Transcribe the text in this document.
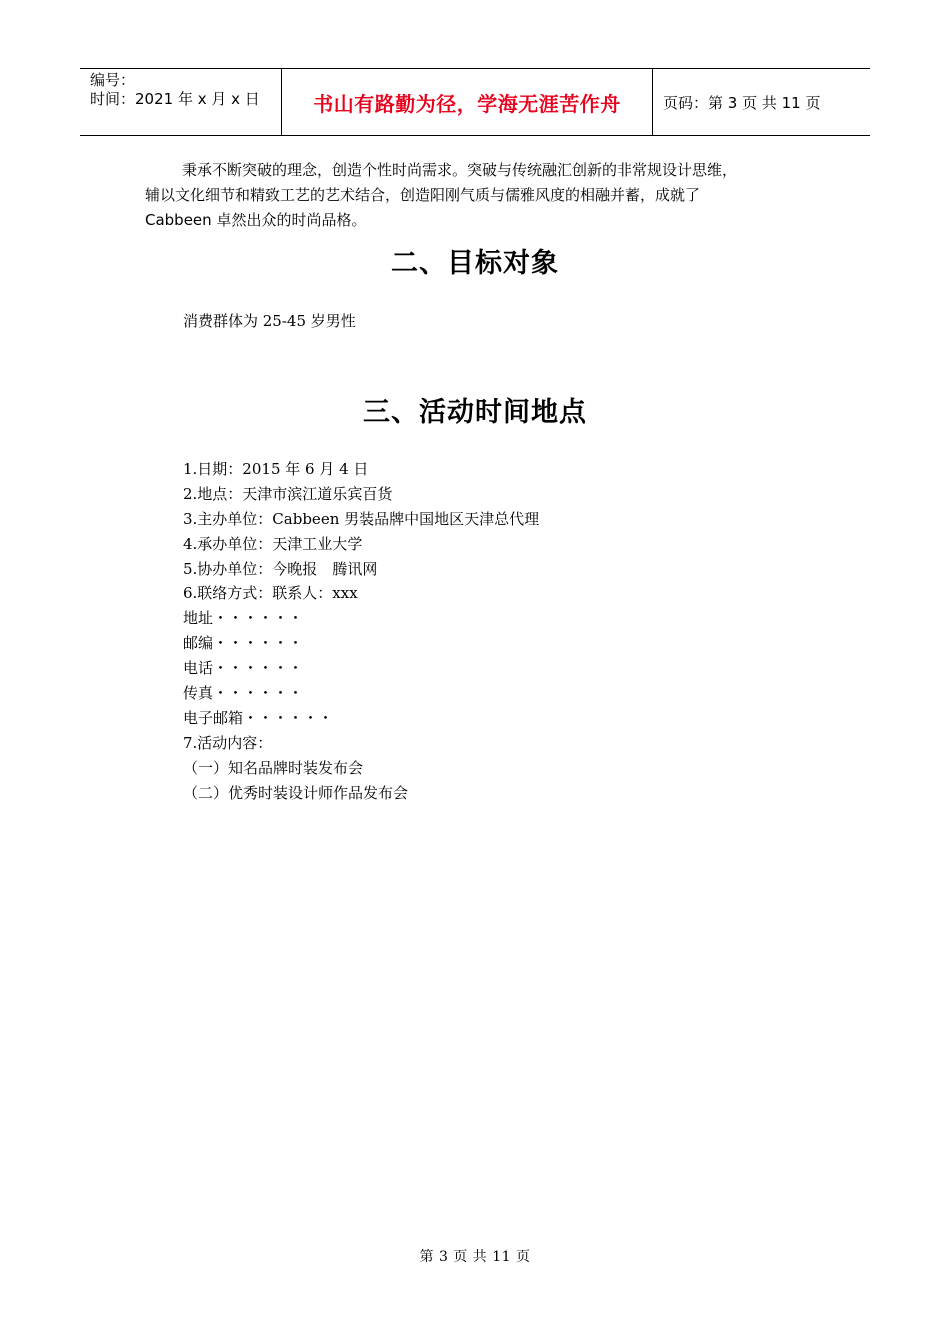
编号：
时间：2021 年 x 月 x 日	书山有路勤为径，学海无涯苦作舟	页码：第 3 页 共 11 页
秉承不断突破的理念，创造个性时尚需求。突破与传统融汇创新的非常规设计思维，
辅以文化细节和精致工艺的艺术结合，创造阳刚气质与儒雅风度的相融并蓄，成就了
Cabbeen 卓然出众的时尚品格。
二、目标对象
消费群体为 25-45 岁男性
三、活动时间地点
1.日期：2015 年 6 月 4 日
2.地点：天津市滨江道乐宾百货
3.主办单位：Cabbeen 男装品牌中国地区天津总代理
4.承办单位：天津工业大学
5.协办单位：今晚报　腾讯网
6.联络方式：联系人：xxx
地址・・・・・・
邮编・・・・・・
电话・・・・・・
传真・・・・・・
电子邮箱・・・・・・
7.活动内容：
（一）知名品牌时装发布会
（二）优秀时装设计师作品发布会
第 3 页 共 11 页
